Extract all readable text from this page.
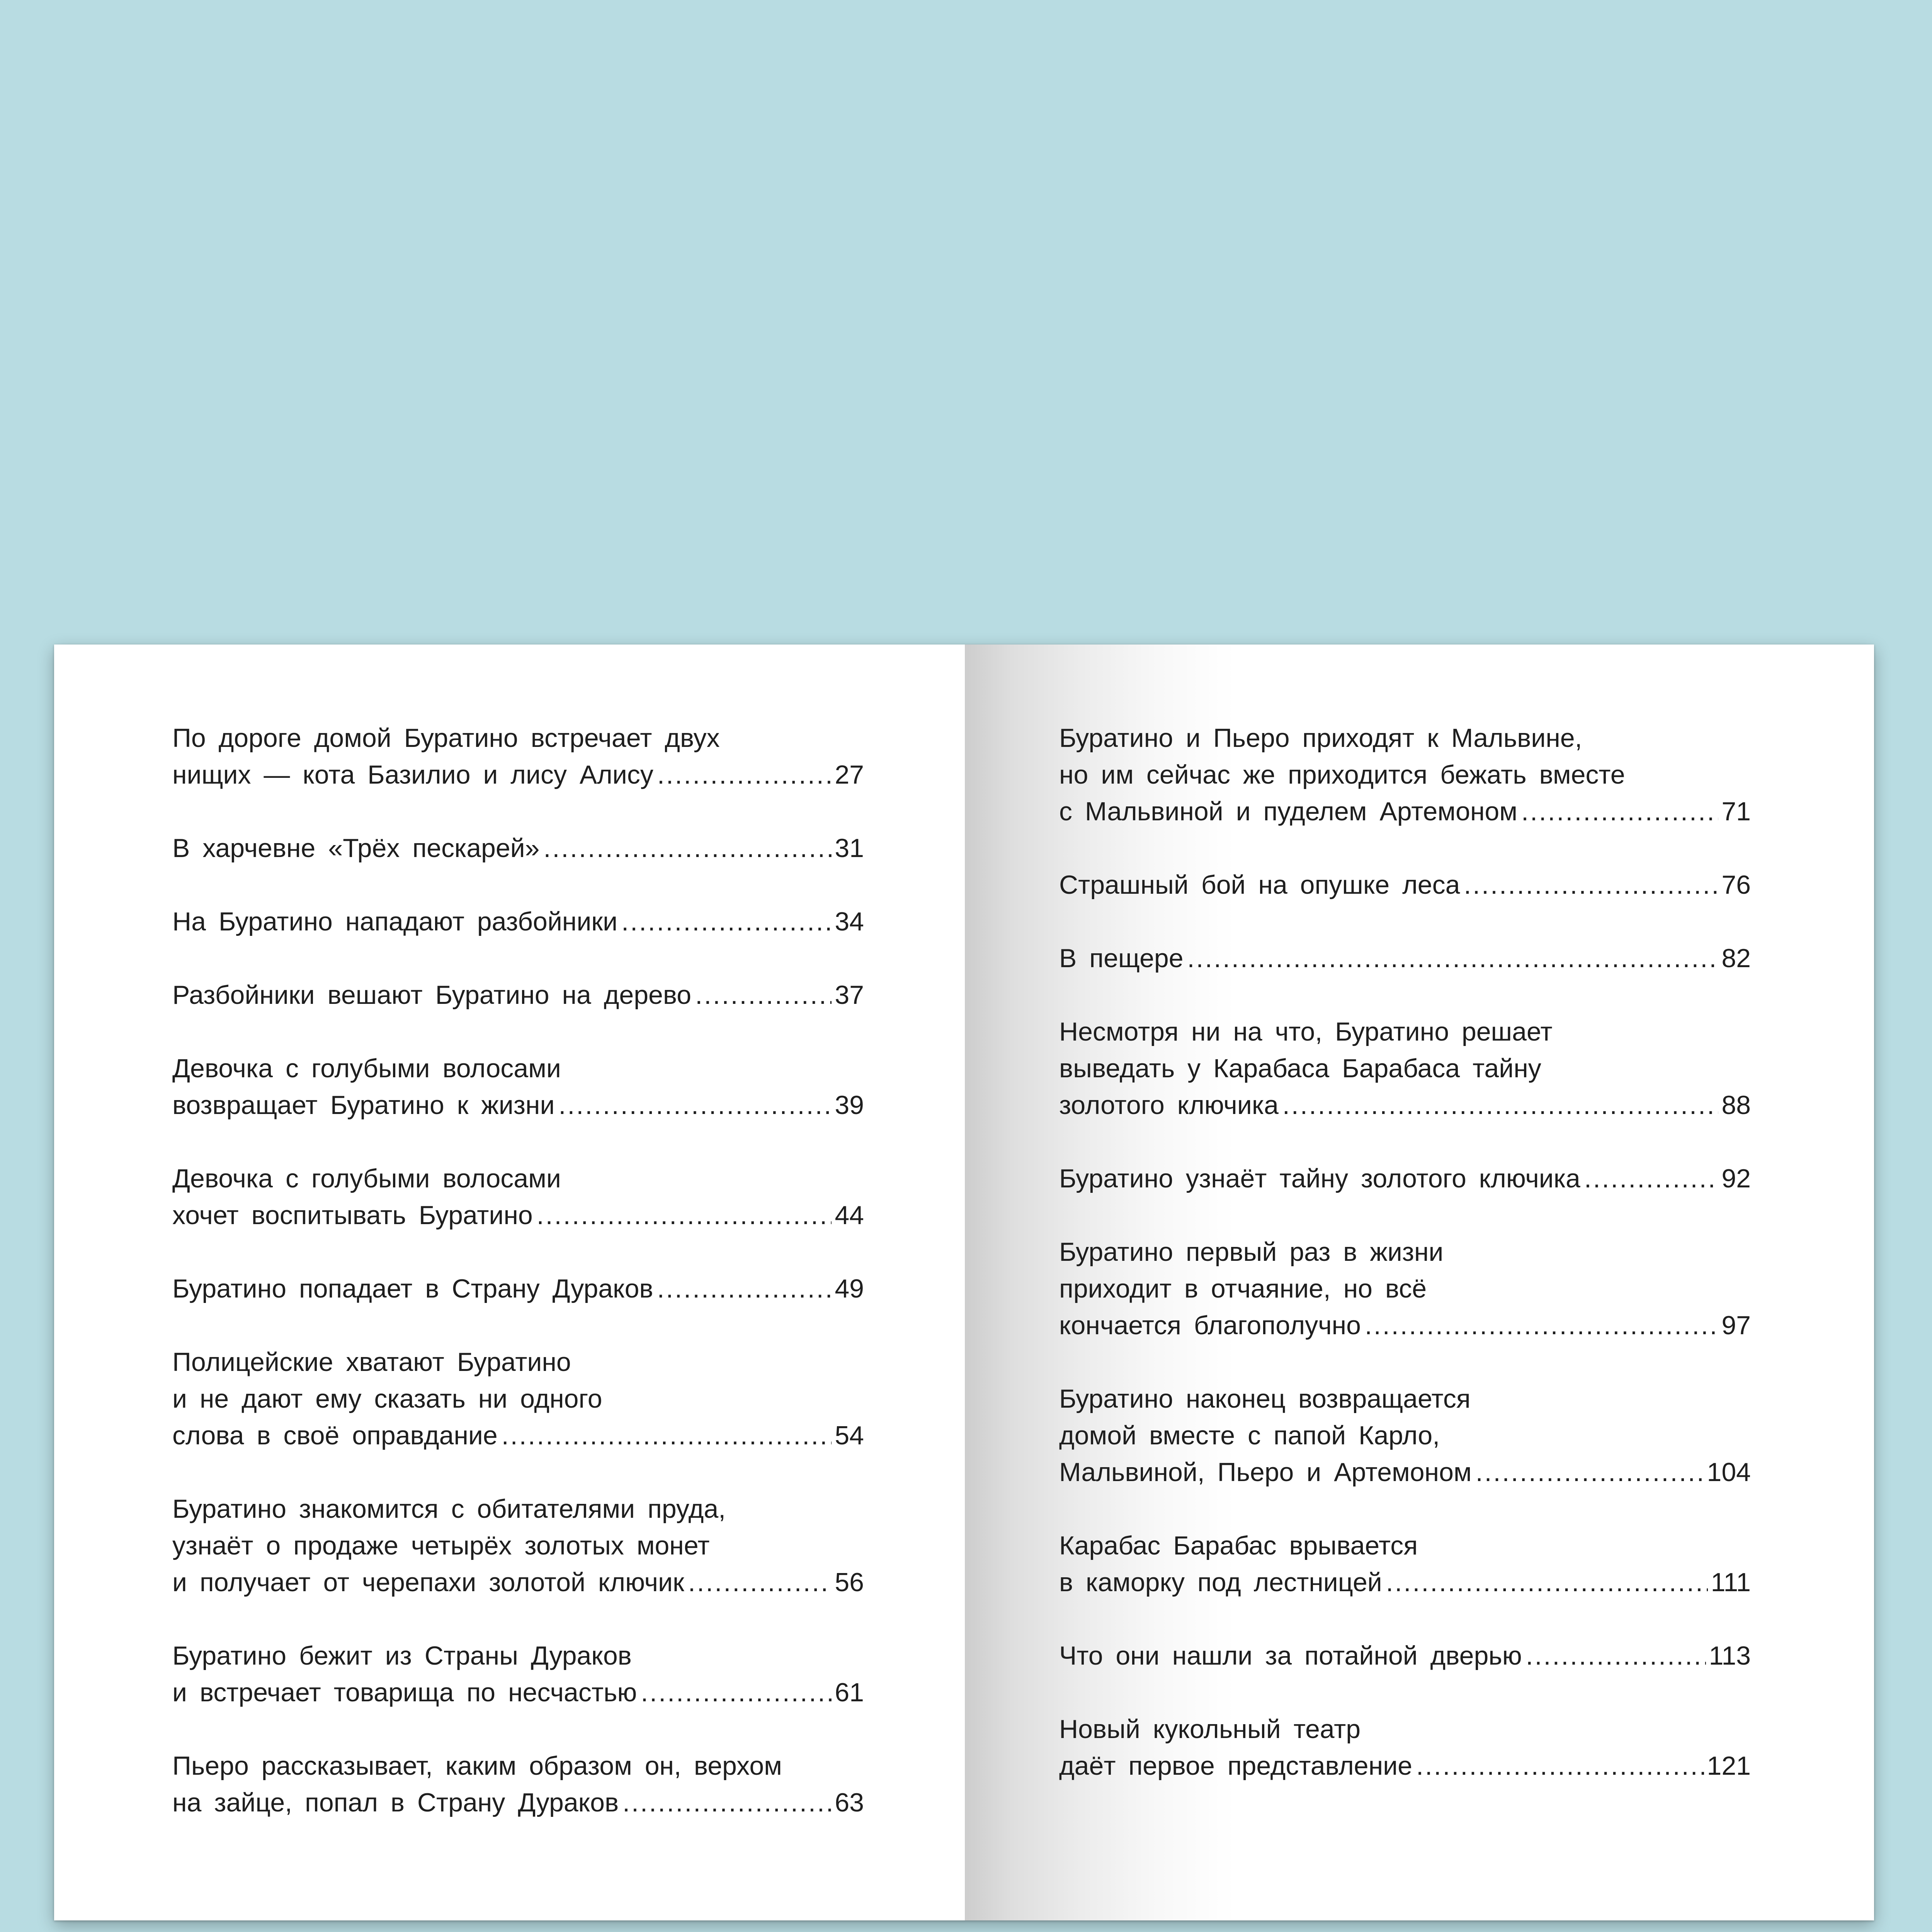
По дороге домой Буратино встречает двух
нищих — кота Базилио и лису Алису .....	27
В харчевне «Трёх пескарей» .....	31
На Буратино нападают разбойники .....	34
Разбойники вешают Буратино на дерево .....	37
Девочка с голубыми волосами
возвращает Буратино к жизни .....	39
Девочка с голубыми волосами
хочет воспитывать Буратино .....	44
Буратино попадает в Страну Дураков .....	49
Полицейские хватают Буратино
и не дают ему сказать ни одного
слова в своё оправдание .....	54
Буратино знакомится с обитателями пруда,
узнаёт о продаже четырёх золотых монет
и получает от черепахи золотой ключик .....	56
Буратино бежит из Страны Дураков
и встречает товарища по несчастью .....	61
Пьеро рассказывает, каким образом он, верхом
на зайце, попал в Страну Дураков .....	63
Буратино и Пьеро приходят к Мальвине,
но им сейчас же приходится бежать вместе
с Мальвиной и пуделем Артемоном .....	71
Страшный бой на опушке леса .....	76
В пещере .....	82
Несмотря ни на что, Буратино решает
выведать у Карабаса Барабаса тайну
золотого ключика .....	88
Буратино узнаёт тайну золотого ключика .....	92
Буратино первый раз в жизни
приходит в отчаяние, но всё
кончается благополучно .....	97
Буратино наконец возвращается
домой вместе с папой Карло,
Мальвиной, Пьеро и Артемоном .....	104
Карабас Барабас врывается
в каморку под лестницей .....	111
Что они нашли за потайной дверью .....	113
Новый кукольный театр
даёт первое представление .....	121
